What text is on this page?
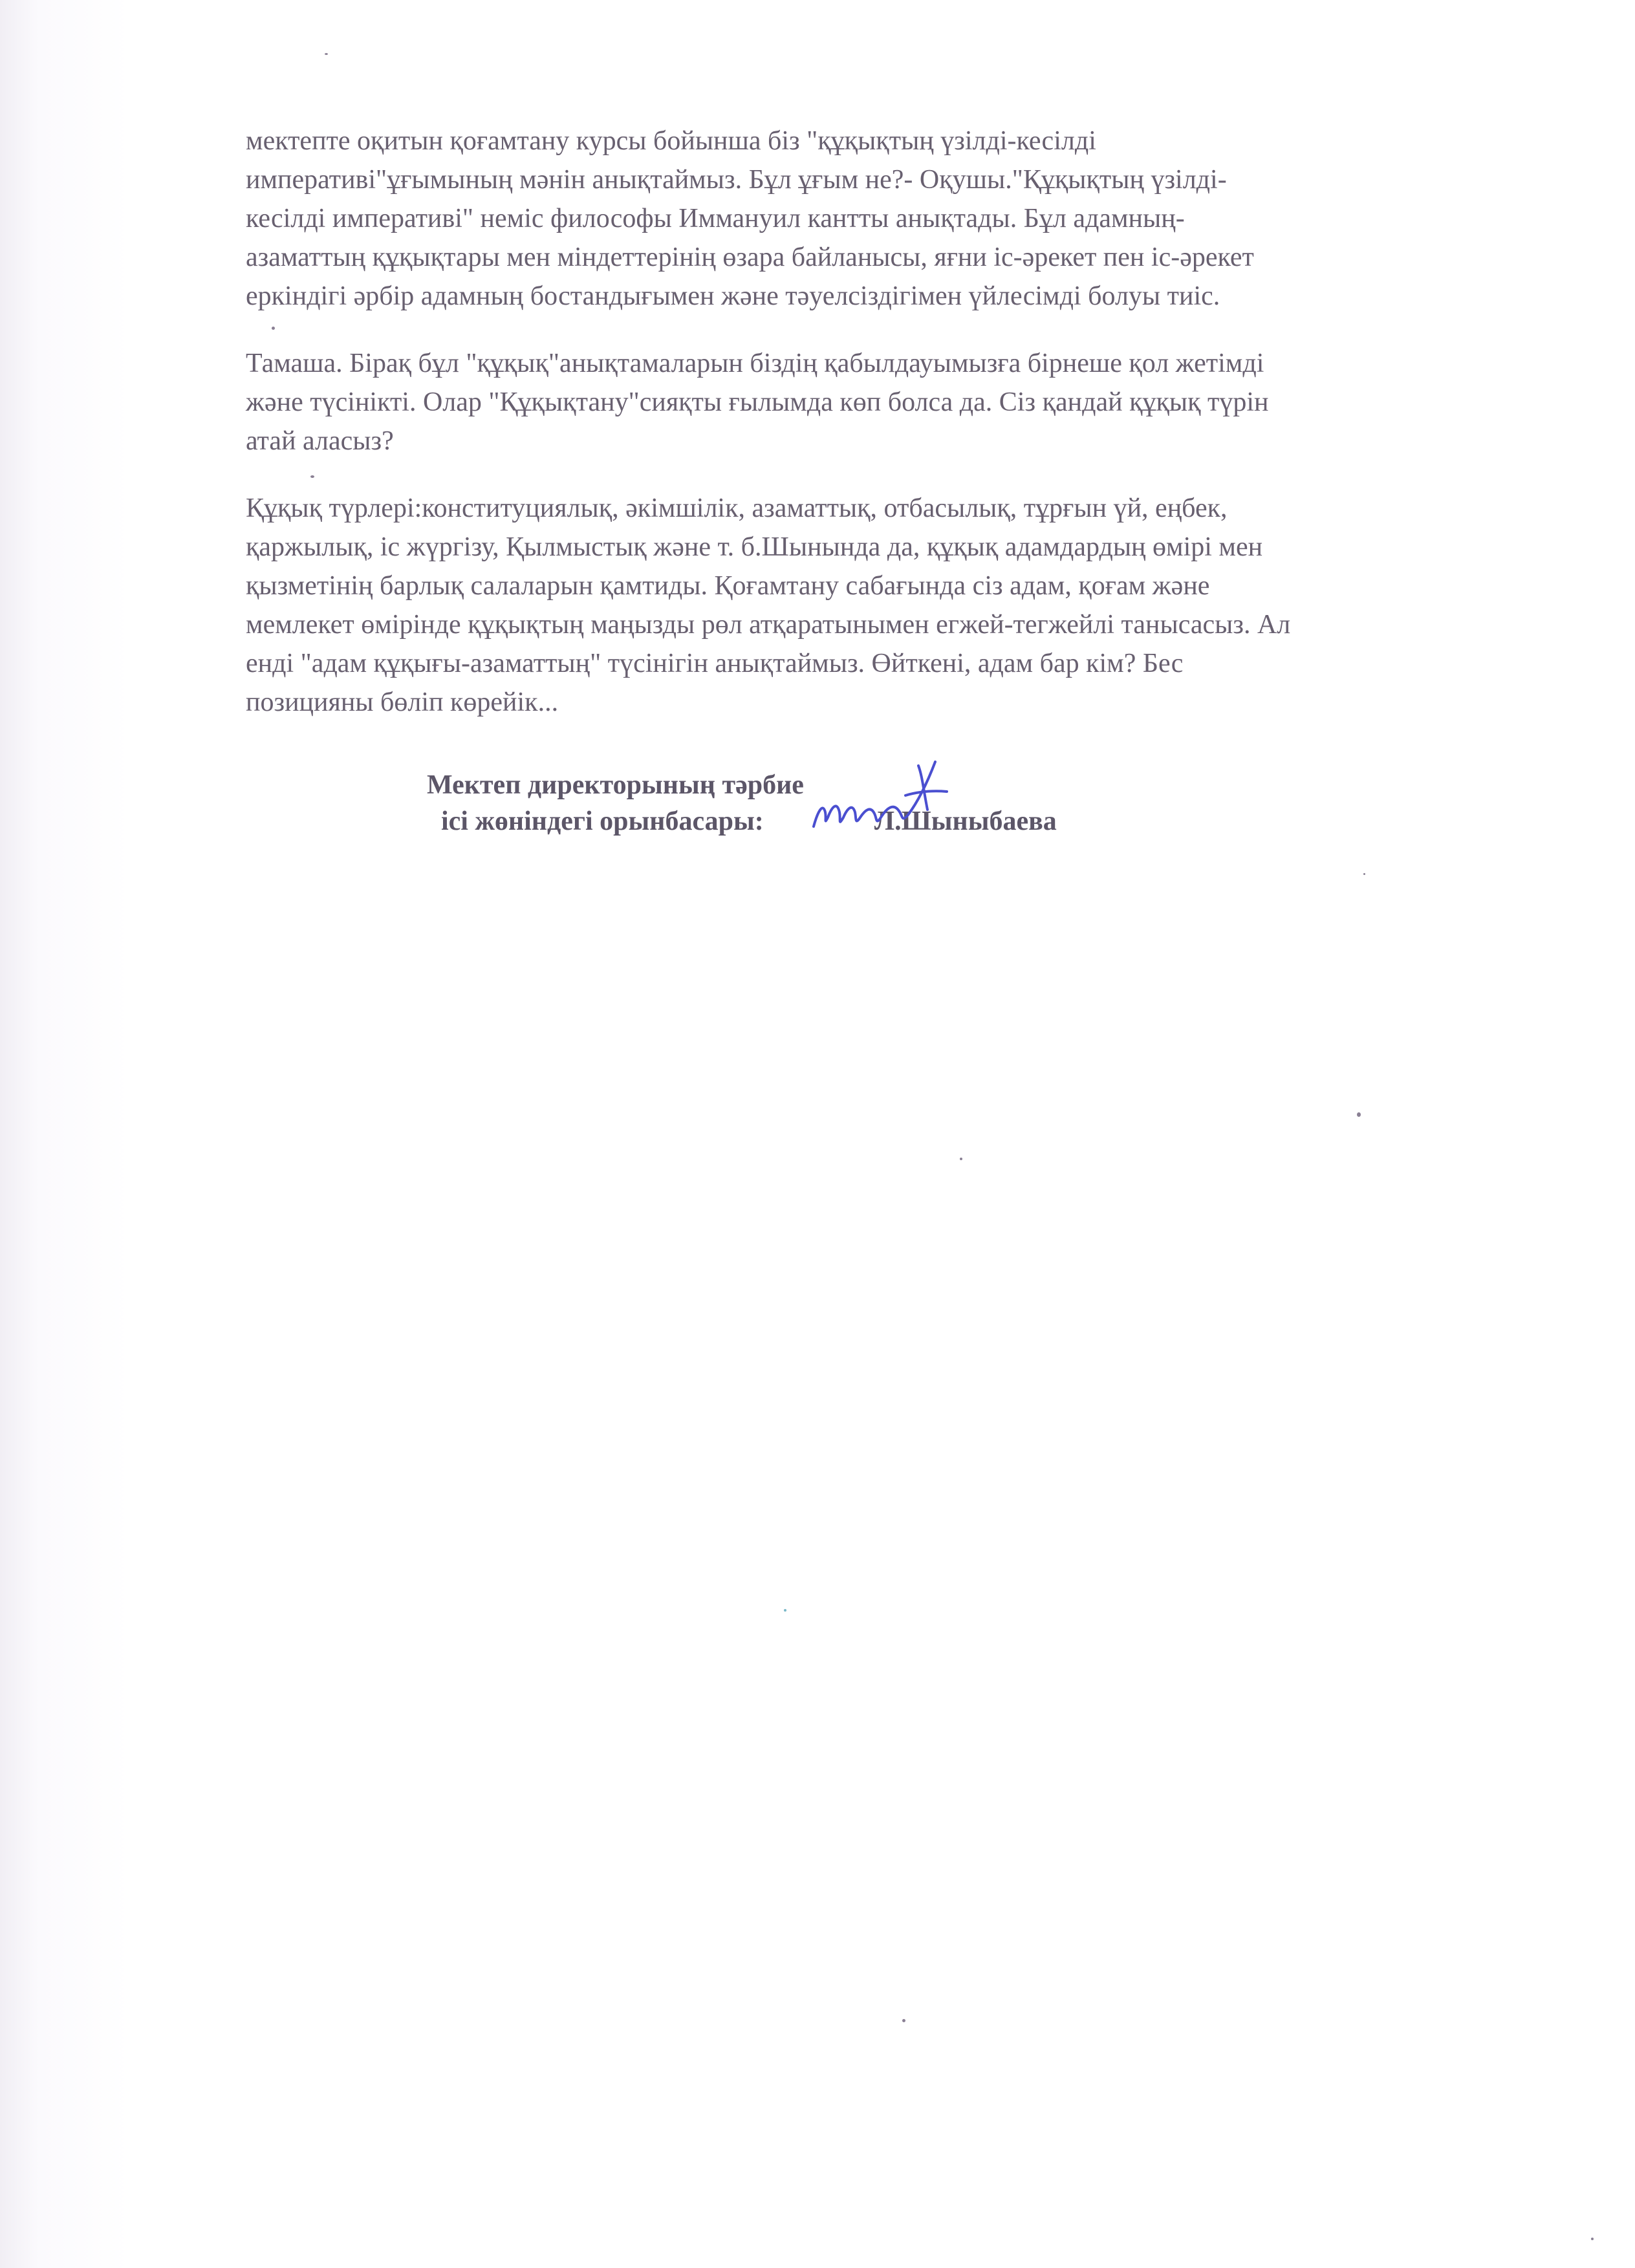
мектепте оқитын қоғамтану курсы бойынша біз "құқықтың үзілді-кесілді
императиві"ұғымының мәнін анықтаймыз. Бұл ұғым не?- Оқушы."Құқықтың үзілді-
кесілді императиві" неміс философы Иммануил кантты анықтады. Бұл адамның-
азаматтың құқықтары мен міндеттерінің өзара байланысы, яғни іс-әрекет пен іс-әрекет
еркіндігі әрбір адамның бостандығымен және тәуелсіздігімен үйлесімді болуы тиіс.

Тамаша. Бірақ бұл "құқық"анықтамаларын біздің қабылдауымызға бірнеше қол жетімді
және түсінікті. Олар "Құқықтану"сияқты ғылымда көп болса да. Сіз қандай құқық түрін
атай аласыз?

Құқық түрлері:конституциялық, әкімшілік, азаматтық, отбасылық, тұрғын үй, еңбек,
қаржылық, іс жүргізу, Қылмыстық және т. б.Шынында да, құқық адамдардың өмірі мен
қызметінің барлық салаларын қамтиды. Қоғамтану сабағында сіз адам, қоғам және
мемлекет өмірінде құқықтың маңызды рөл атқаратынымен егжей-тегжейлі танысасыз. Ал
енді "адам құқығы-азаматтың" түсінігін анықтаймыз. Өйткені, адам бар кім? Бес
позицияны бөліп көрейік...

Мектеп директорының тәрбие
ісі жөніндегі орынбасары:	Л.Шыныбаева
